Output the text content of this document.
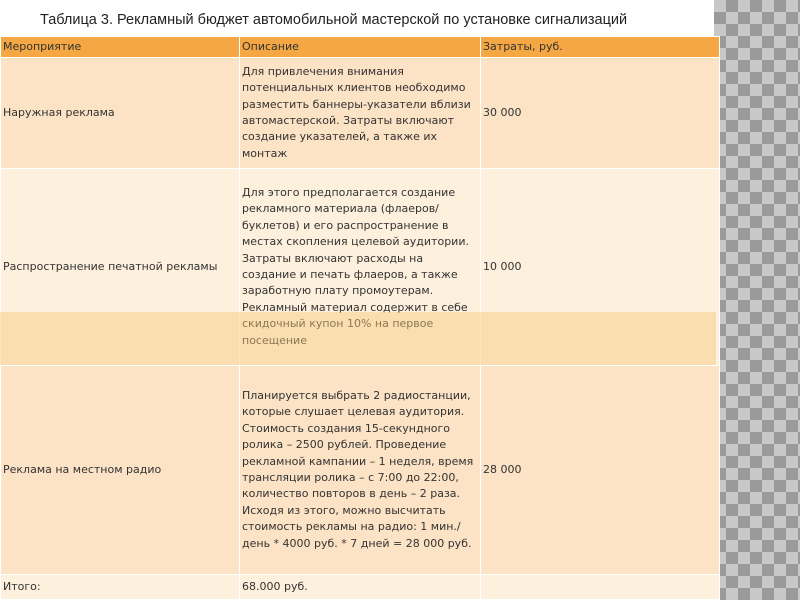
Таблица 3. Рекламный бюджет автомобильной мастерской по установке сигнализаций
Мероприятие	Описание	Затраты, руб.
Наружная реклама	Для привлечения внимания потенциальных клиентов необходимо разместить баннеры-указатели вблизи автомастерской. Затраты включают создание указателей, а также их монтаж	30 000
Распространение печатной рекламы	Для этого предполагается создание рекламного материала (флаеров/буклетов) и его распространение в местах скопления целевой аудитории. Затраты включают расходы на создание и печать флаеров, а также заработную плату промоутерам. Рекламный материал содержит в себе скидочный купон 10% на первое посещение	10 000
Реклама на местном радио	Планируется выбрать 2 радиостанции, которые слушает целевая аудитория. Стоимость создания 15-секундного ролика – 2500 рублей. Проведение рекламной кампании – 1 неделя, время трансляции ролика – с 7:00 до 22:00, количество повторов в день – 2 раза. Исходя из этого, можно высчитать стоимость рекламы на радио: 1 мин./день * 4000 руб. * 7 дней = 28 000 руб.	28 000
Итого:	68.000 руб.	
